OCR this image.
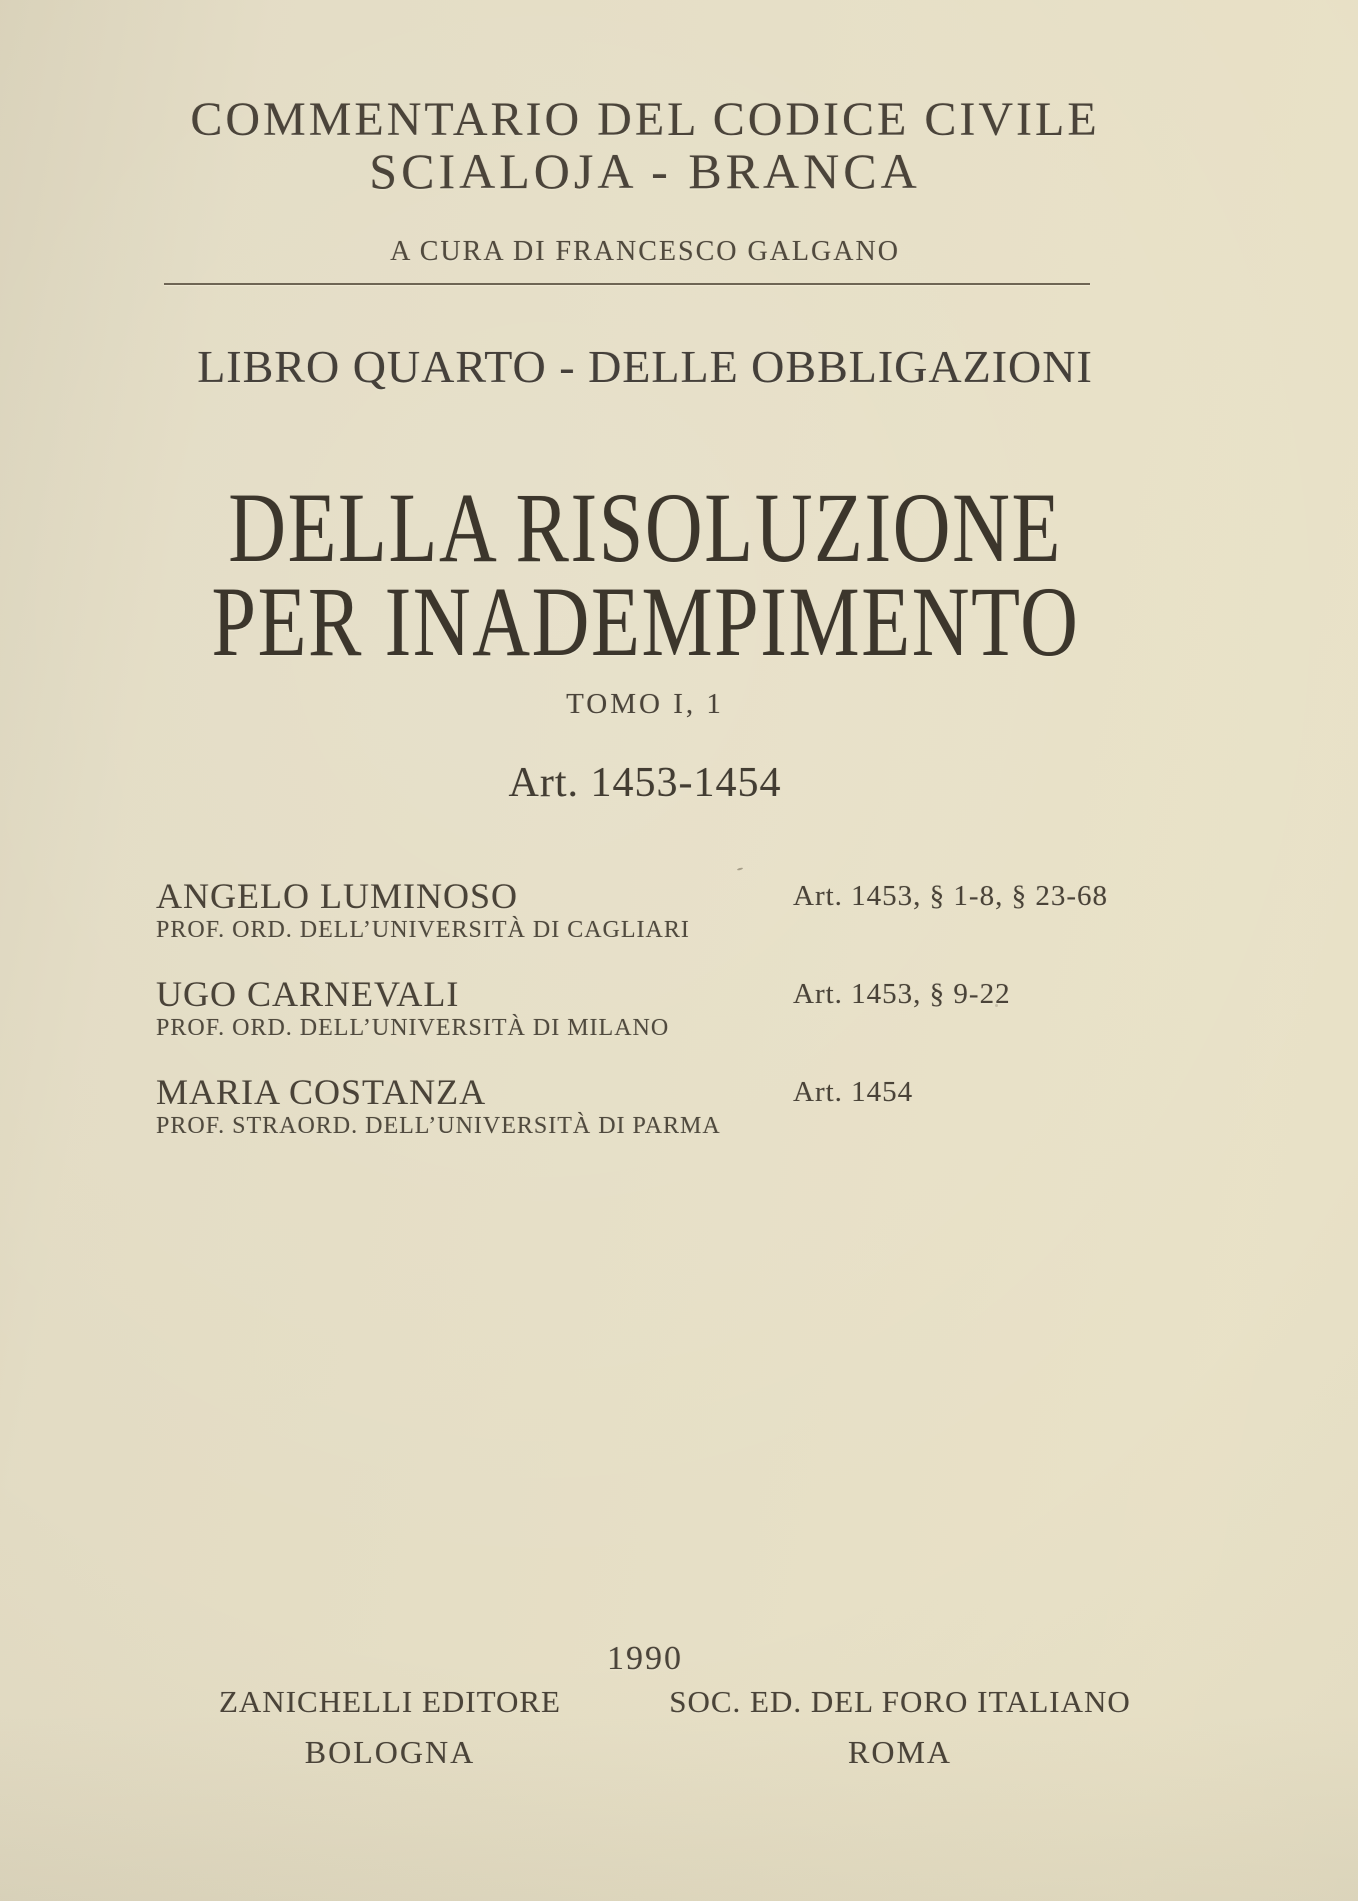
COMMENTARIO DEL CODICE CIVILE
SCIALOJA - BRANCA
A CURA DI FRANCESCO GALGANO
LIBRO QUARTO - DELLE OBBLIGAZIONI
DELLA RISOLUZIONE
PER INADEMPIMENTO
TOMO I, 1
Art. 1453-1454
ANGELO LUMINOSO	Art. 1453, § 1-8, § 23-68
PROF. ORD. DELL’UNIVERSITÀ DI CAGLIARI
UGO CARNEVALI	Art. 1453, § 9-22
PROF. ORD. DELL’UNIVERSITÀ DI MILANO
MARIA COSTANZA	Art. 1454
PROF. STRAORD. DELL’UNIVERSITÀ DI PARMA
1990
ZANICHELLI EDITORE	SOC. ED. DEL FORO ITALIANO
BOLOGNA	ROMA
